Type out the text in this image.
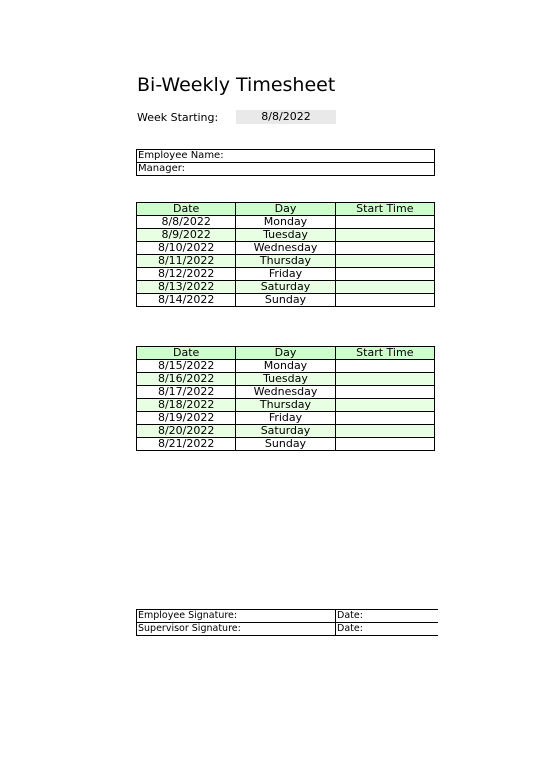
Bi-Weekly Timesheet
Week Starting:	8/8/2022
Employee Name:
Manager:
Date	Day	Start Time
8/8/2022	Monday	
8/9/2022	Tuesday	
8/10/2022	Wednesday	
8/11/2022	Thursday	
8/12/2022	Friday	
8/13/2022	Saturday	
8/14/2022	Sunday	
Date	Day	Start Time
8/15/2022	Monday	
8/16/2022	Tuesday	
8/17/2022	Wednesday	
8/18/2022	Thursday	
8/19/2022	Friday	
8/20/2022	Saturday	
8/21/2022	Sunday	
Employee Signature:	Date:
Supervisor Signature:	Date:
